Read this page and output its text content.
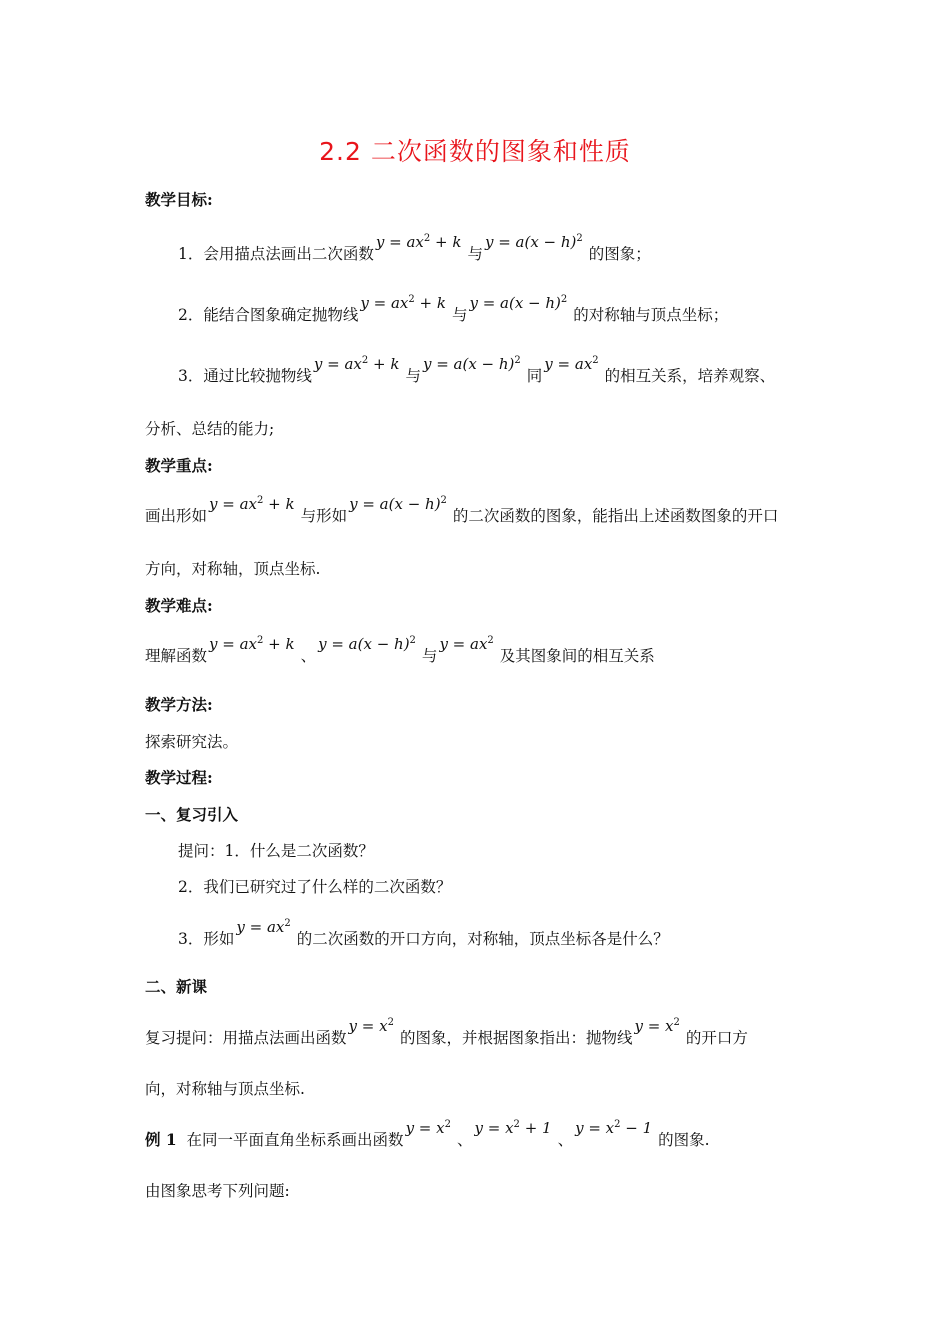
2.2 二次函数的图象和性质
教学目标:
1．会用描点法画出二次函数$y = ax^2 + k$与$y = a(x - h)^2$的图象；
2．能结合图象确定抛物线$y = ax^2 + k$与$y = a(x - h)^2$的对称轴与顶点坐标；
3．通过比较抛物线$y = ax^2 + k$与$y = a(x - h)^2$同$y = ax^2$的相互关系，培养观察、
分析、总结的能力;
教学重点:
画出形如$y = ax^2 + k$与形如$y = a(x - h)^2$的二次函数的图象，能指出上述函数图象的开口
方向，对称轴，顶点坐标.
教学难点:
理解函数$y = ax^2 + k$、$y = a(x - h)^2$与$y = ax^2$及其图象间的相互关系
教学方法:
探索研究法。
教学过程:
一、复习引入
提问：1．什么是二次函数？
2．我们已研究过了什么样的二次函数？
3．形如$y = ax^2$的二次函数的开口方向，对称轴，顶点坐标各是什么？
二、新课
复习提问：用描点法画出函数$y = x^2$的图象，并根据图象指出：抛物线$y = x^2$的开口方
向，对称轴与顶点坐标.
例 1 在同一平面直角坐标系画出函数$y = x^2$、$y = x^2 + 1$、$y = x^2 - 1$的图象.
由图象思考下列问题:
